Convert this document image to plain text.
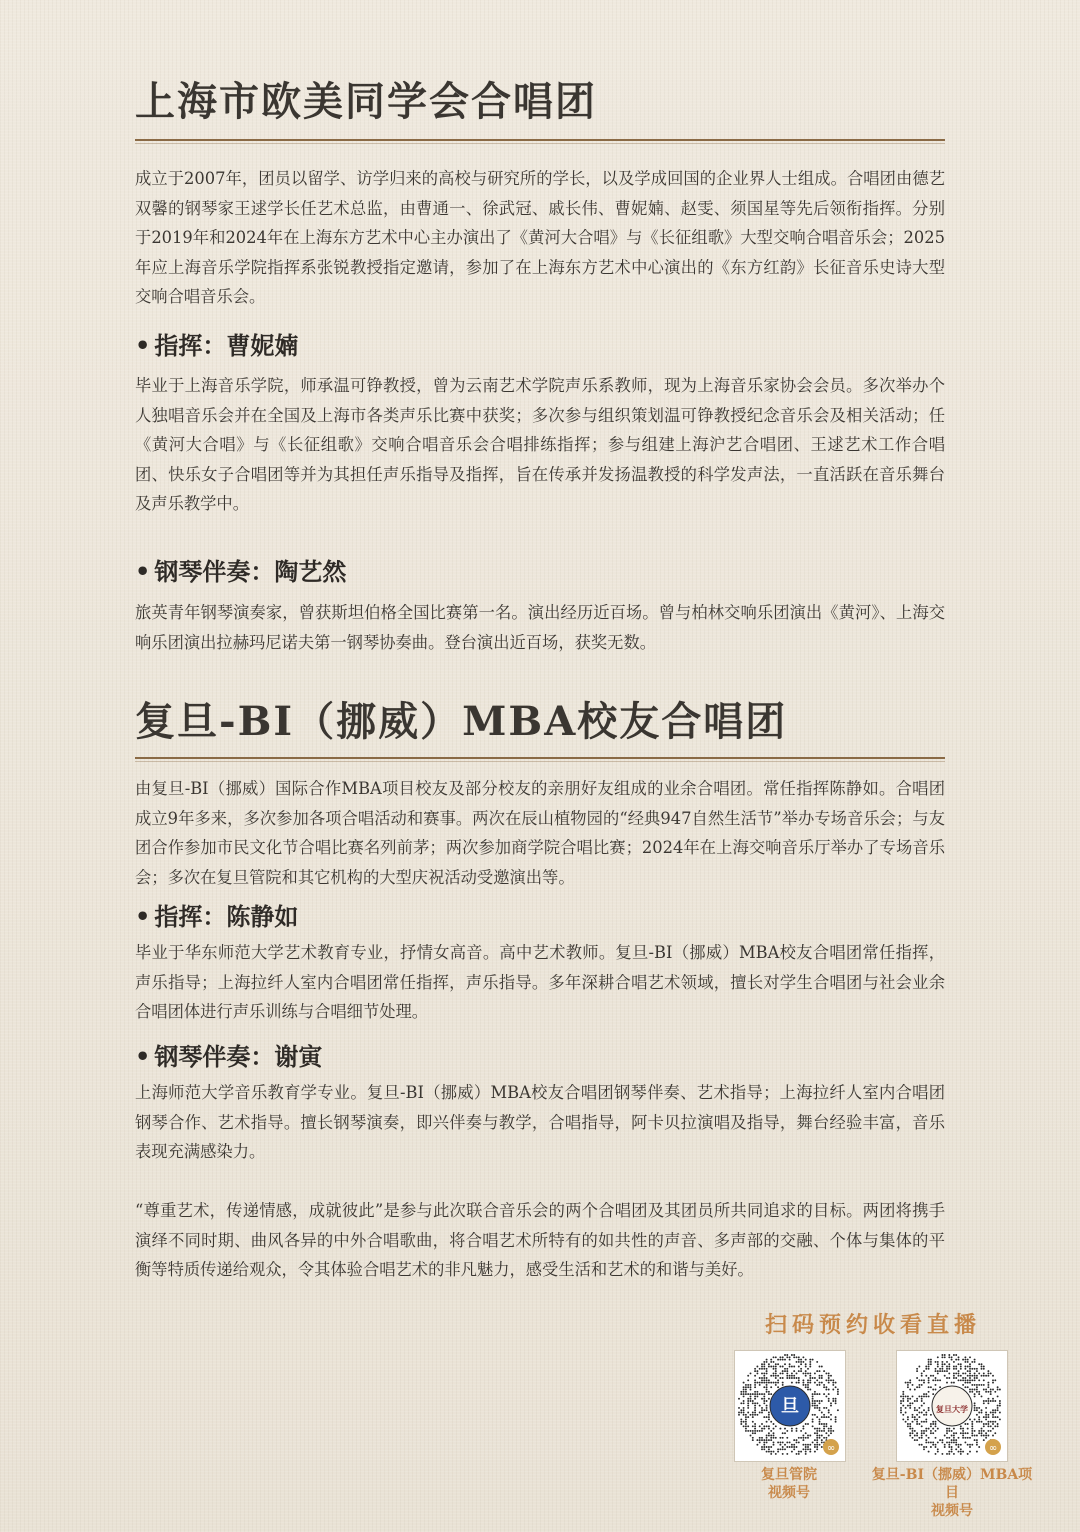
上海市欧美同学会合唱团

成立于2007年，团员以留学、访学归来的高校与研究所的学长，以及学成回国的企业界人士组成。合唱团由德艺双馨的钢琴家王逑学长任艺术总监，由曹通一、徐武冠、戚长伟、曹妮婻、赵雯、须国星等先后领衔指挥。分别于2019年和2024年在上海东方艺术中心主办演出了《黄河大合唱》与《长征组歌》大型交响合唱音乐会；2025年应上海音乐学院指挥系张锐教授指定邀请，参加了在上海东方艺术中心演出的《东方红韵》长征音乐史诗大型交响合唱音乐会。

• 指挥：曹妮婻

毕业于上海音乐学院，师承温可铮教授，曾为云南艺术学院声乐系教师，现为上海音乐家协会会员。多次举办个人独唱音乐会并在全国及上海市各类声乐比赛中获奖；多次参与组织策划温可铮教授纪念音乐会及相关活动；任《黄河大合唱》与《长征组歌》交响合唱音乐会合唱排练指挥；参与组建上海沪艺合唱团、王逑艺术工作合唱团、快乐女子合唱团等并为其担任声乐指导及指挥，旨在传承并发扬温教授的科学发声法，一直活跃在音乐舞台及声乐教学中。

• 钢琴伴奏：陶艺然

旅英青年钢琴演奏家，曾获斯坦伯格全国比赛第一名。演出经历近百场。曾与柏林交响乐团演出《黄河》、上海交响乐团演出拉赫玛尼诺夫第一钢琴协奏曲。登台演出近百场，获奖无数。

复旦-BI（挪威）MBA校友合唱团

由复旦-BI（挪威）国际合作MBA项目校友及部分校友的亲朋好友组成的业余合唱团。常任指挥陈静如。合唱团成立9年多来，多次参加各项合唱活动和赛事。两次在辰山植物园的“经典947自然生活节”举办专场音乐会；与友团合作参加市民文化节合唱比赛名列前茅；两次参加商学院合唱比赛；2024年在上海交响音乐厅举办了专场音乐会；多次在复旦管院和其它机构的大型庆祝活动受邀演出等。

• 指挥：陈静如

毕业于华东师范大学艺术教育专业，抒情女高音。高中艺术教师。复旦-BI（挪威）MBA校友合唱团常任指挥，声乐指导；上海拉纤人室内合唱团常任指挥，声乐指导。多年深耕合唱艺术领域，擅长对学生合唱团与社会业余合唱团体进行声乐训练与合唱细节处理。

• 钢琴伴奏：谢寅

上海师范大学音乐教育学专业。复旦-BI（挪威）MBA校友合唱团钢琴伴奏、艺术指导；上海拉纤人室内合唱团钢琴合作、艺术指导。擅长钢琴演奏，即兴伴奏与教学，合唱指导，阿卡贝拉演唱及指导，舞台经验丰富，音乐表现充满感染力。

“尊重艺术，传递情感，成就彼此”是参与此次联合音乐会的两个合唱团及其团员所共同追求的目标。两团将携手演绎不同时期、曲风各异的中外合唱歌曲，将合唱艺术所特有的如共性的声音、多声部的交融、个体与集体的平衡等特质传递给观众，令其体验合唱艺术的非凡魅力，感受生活和艺术的和谐与美好。

扫码预约收看直播
旦
∞
复旦大学
∞
复旦管院
视频号
复旦-BI（挪威）MBA项目
视频号
